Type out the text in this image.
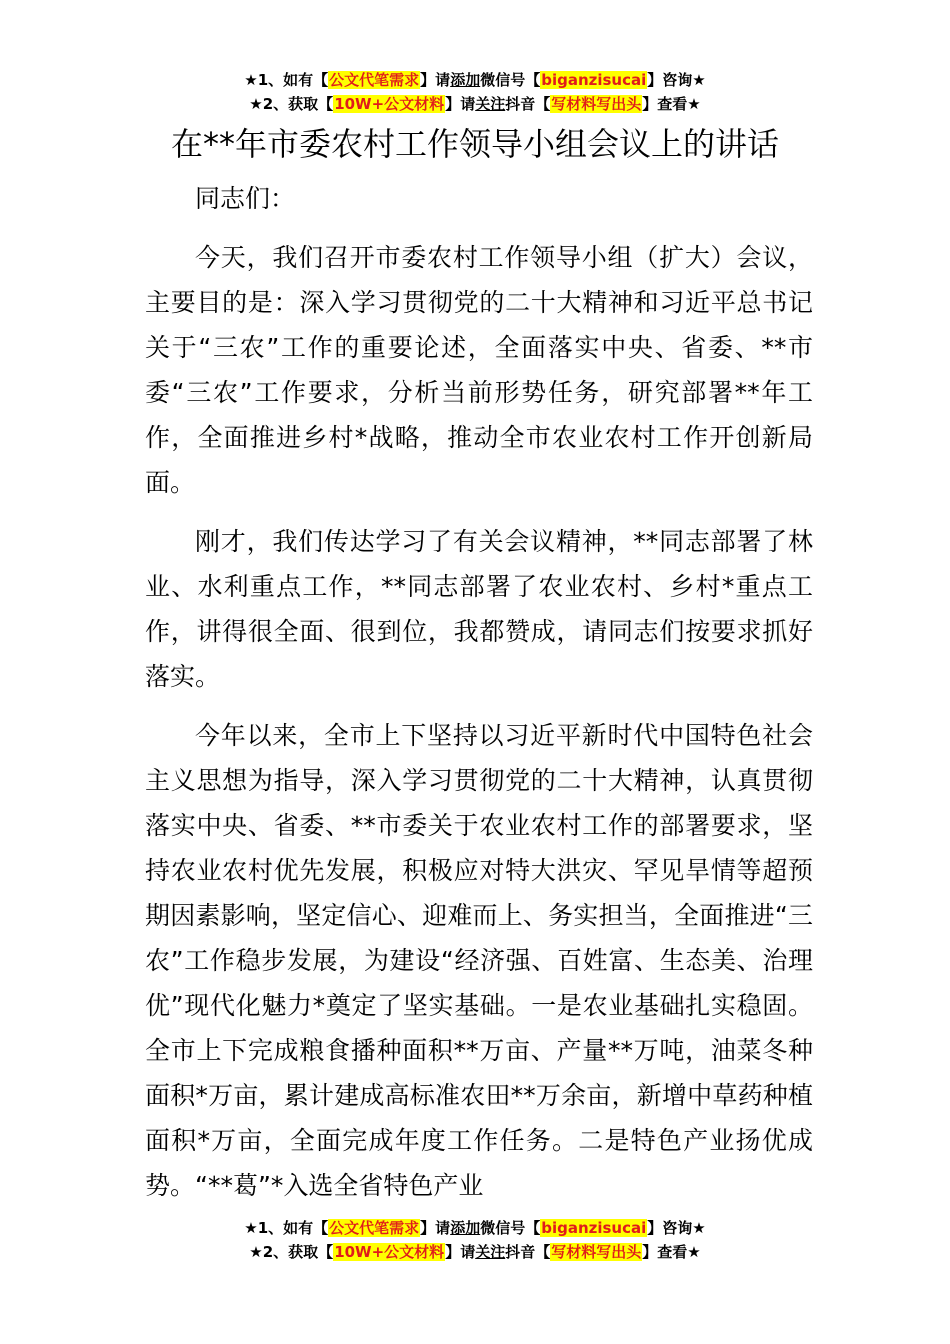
★1、如有【公文代笔需求】请添加微信号【biganzisucai】咨询★
★2、获取【10W+公文材料】请关注抖音【写材料写出头】查看★
在**年市委农村工作领导小组会议上的讲话

同志们：

今天，我们召开市委农村工作领导小组（扩大）会议，主要目的是：深入学习贯彻党的二十大精神和习近平总书记关于“三农”工作的重要论述，全面落实中央、省委、**市委“三农”工作要求，分析当前形势任务，研究部署**年工作，全面推进乡村*战略，推动全市农业农村工作开创新局面。

刚才，我们传达学习了有关会议精神，**同志部署了林业、水利重点工作，**同志部署了农业农村、乡村*重点工作，讲得很全面、很到位，我都赞成，请同志们按要求抓好落实。

今年以来，全市上下坚持以习近平新时代中国特色社会主义思想为指导，深入学习贯彻党的二十大精神，认真贯彻落实中央、省委、**市委关于农业农村工作的部署要求，坚持农业农村优先发展，积极应对特大洪灾、罕见旱情等超预期因素影响，坚定信心、迎难而上、务实担当，全面推进“三农”工作稳步发展，为建设“经济强、百姓富、生态美、治理优”现代化魅力*奠定了坚实基础。一是农业基础扎实稳固。全市上下完成粮食播种面积**万亩、产量**万吨，油菜冬种面积*万亩，累计建成高标准农田**万余亩，新增中草药种植面积*万亩，全面完成年度工作任务。二是特色产业扬优成势。“**葛”*入选全省特色产业

★1、如有【公文代笔需求】请添加微信号【biganzisucai】咨询★
★2、获取【10W+公文材料】请关注抖音【写材料写出头】查看★
